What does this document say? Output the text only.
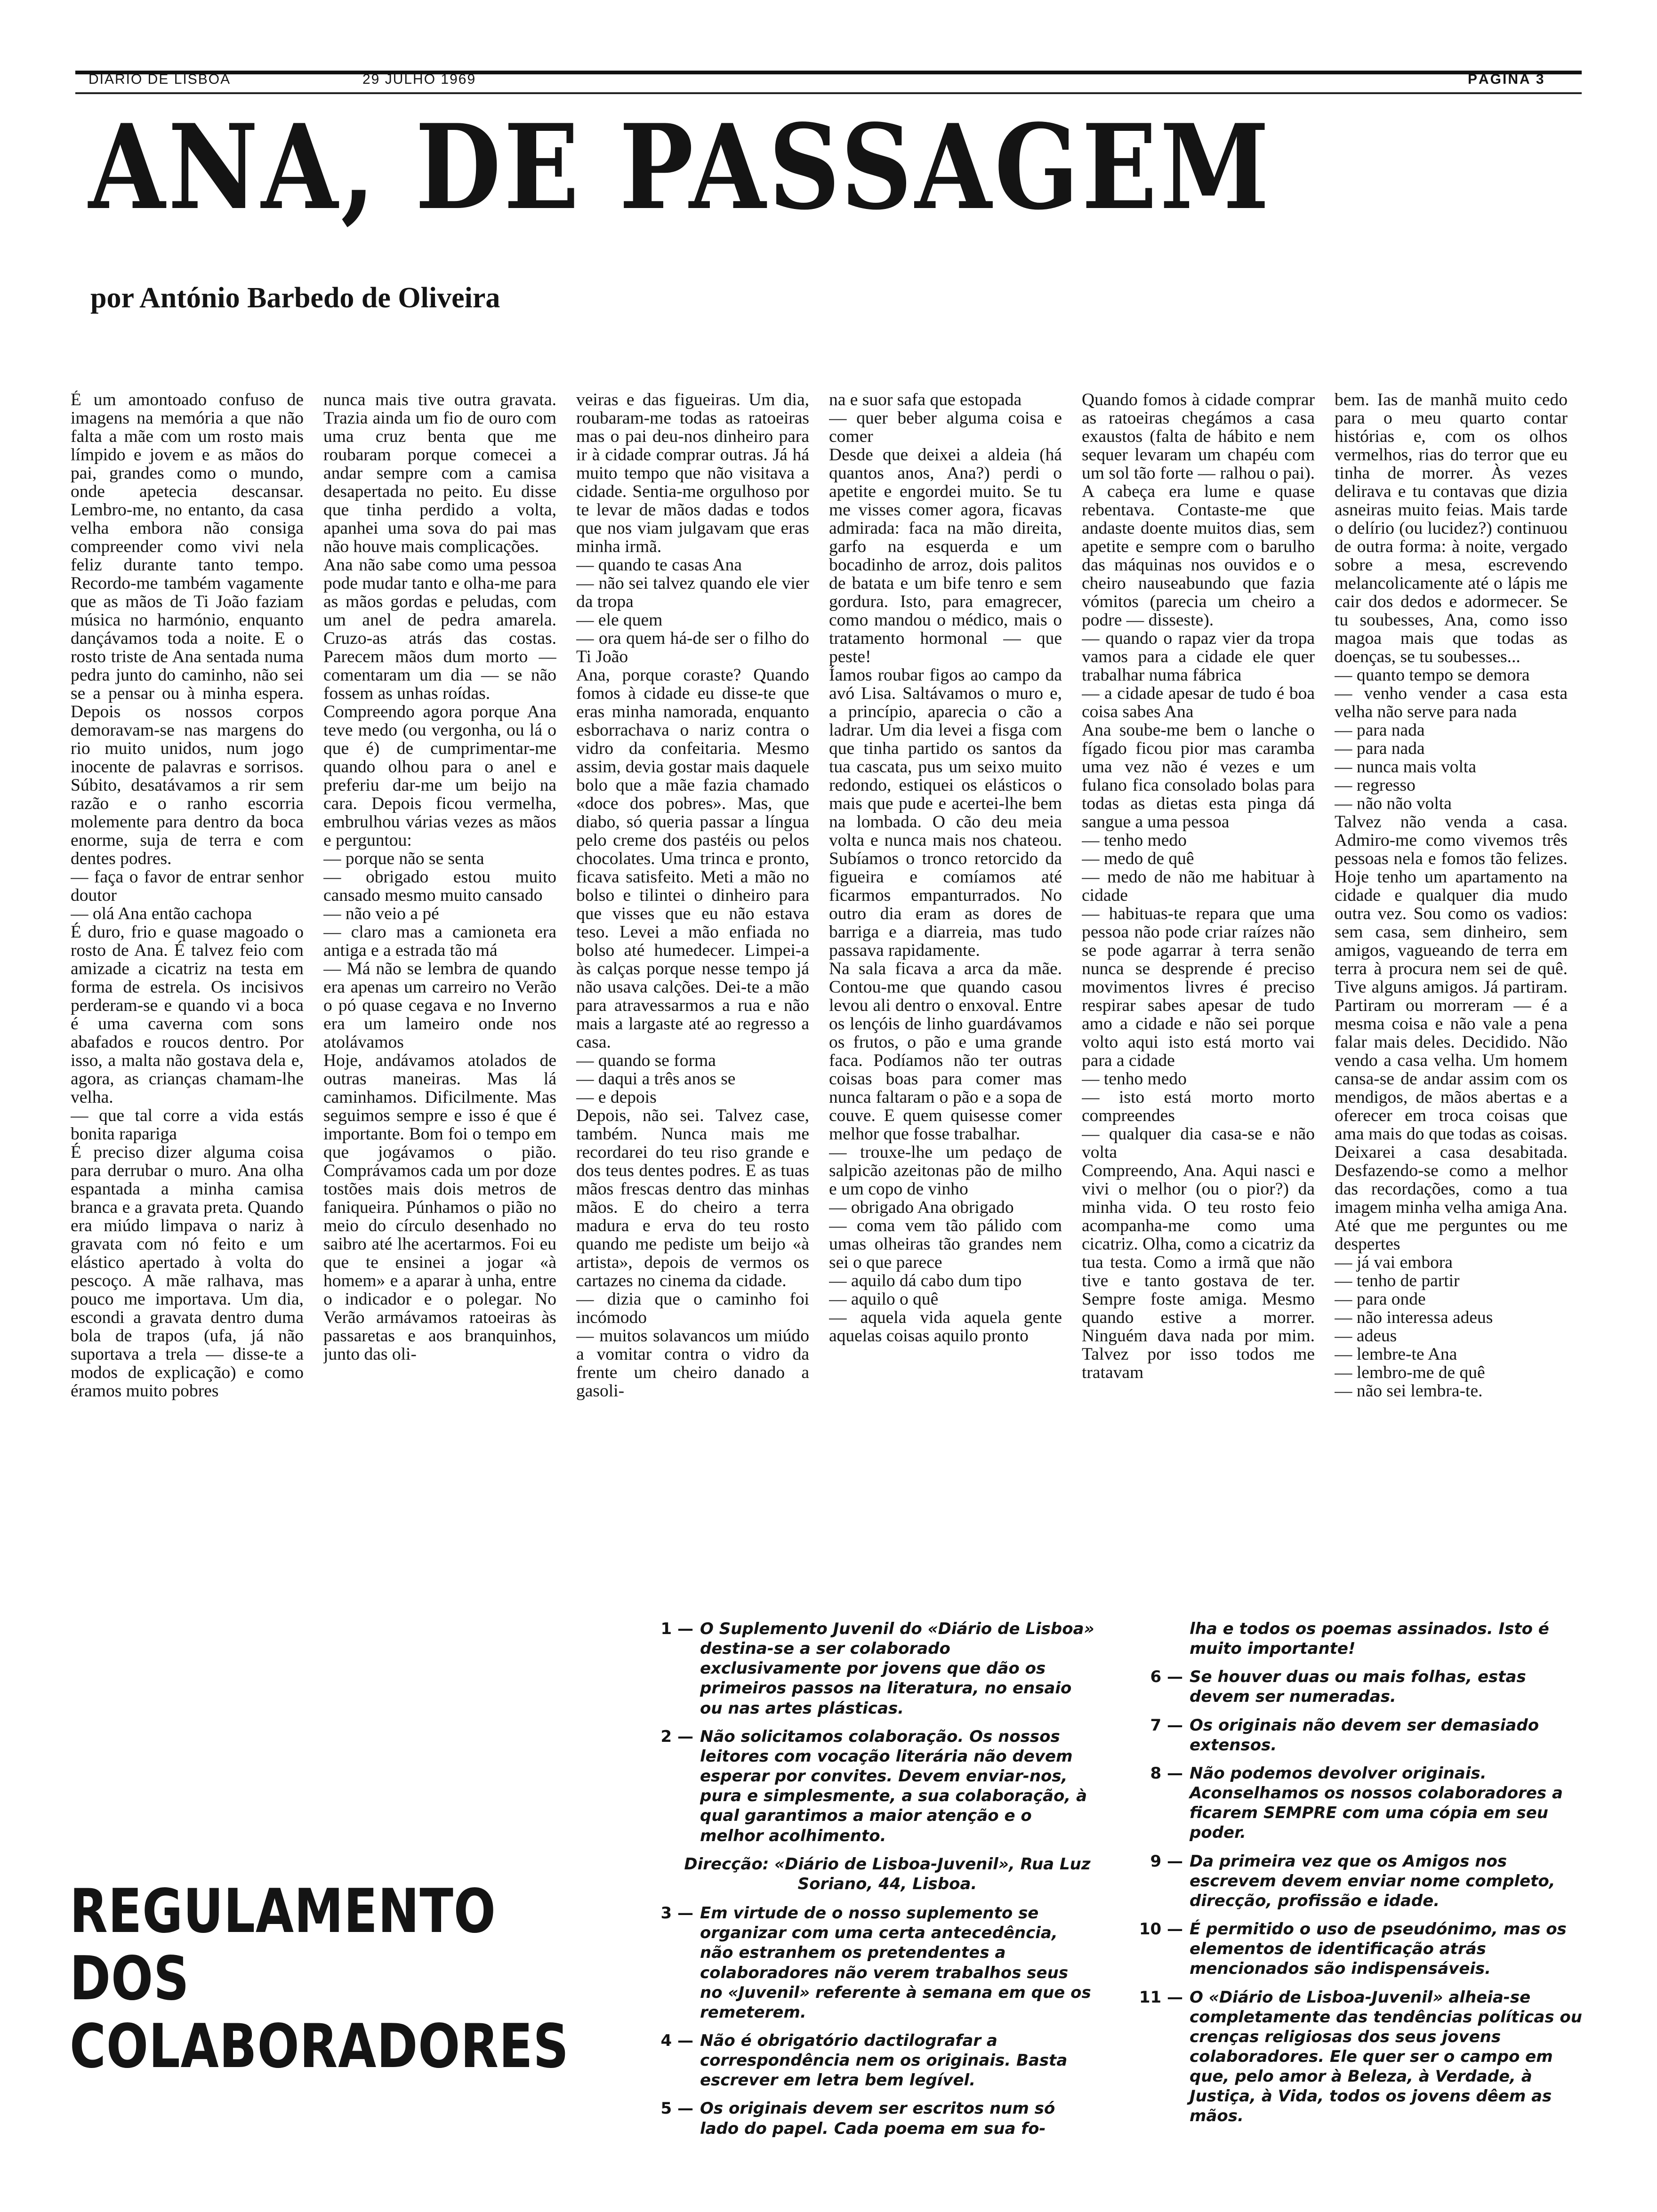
DIÁRIO DE LISBOA	29 JULHO 1969	PÁGINA 3
ANA, DE PASSAGEM
por António Barbedo de Oliveira

É um amontoado confuso de imagens na memória a que não falta a mãe com um rosto mais límpido e jovem e as mãos do pai, grandes como o mundo, onde apetecia descansar. Lembro-me, no entanto, da casa velha embora não consiga compreender como vivi nela feliz durante tanto tempo. Recordo-me também vagamente que as mãos de Ti João faziam música no harmónio, enquanto dançávamos toda a noite. E o rosto triste de Ana sentada numa pedra junto do caminho, não sei se a pensar ou à minha espera. Depois os nossos corpos demoravam-se nas margens do rio muito unidos, num jogo inocente de palavras e sorrisos. Súbito, desatávamos a rir sem razão e o ranho escorria molemente para dentro da boca enorme, suja de terra e com dentes podres.

— faça o favor de entrar senhor doutor

— olá Ana então cachopa

É duro, frio e quase magoado o rosto de Ana. É talvez feio com amizade a cicatriz na testa em forma de estrela. Os incisivos perderam-se e quando vi a boca é uma caverna com sons abafados e roucos dentro. Por isso, a malta não gostava dela e, agora, as crianças chamam-lhe velha.

— que tal corre a vida estás bonita rapariga

É preciso dizer alguma coisa para derrubar o muro. Ana olha espantada a minha camisa branca e a gravata preta. Quando era miúdo limpava o nariz à gravata com nó feito e um elástico apertado à volta do pescoço. A mãe ralhava, mas pouco me importava. Um dia, escondi a gravata dentro duma bola de trapos (ufa, já não suportava a trela — disse-te a modos de explicação) e como éramos muito pobres

nunca mais tive outra gravata. Trazia ainda um fio de ouro com uma cruz benta que me roubaram porque comecei a andar sempre com a camisa desapertada no peito. Eu disse que tinha perdido a volta, apanhei uma sova do pai mas não houve mais complicações.

Ana não sabe como uma pessoa pode mudar tanto e olha-me para as mãos gordas e peludas, com um anel de pedra amarela. Cruzo-as atrás das costas. Parecem mãos dum morto — comentaram um dia — se não fossem as unhas roídas.

Compreendo agora porque Ana teve medo (ou vergonha, ou lá o que é) de cumprimentar-me quando olhou para o anel e preferiu dar-me um beijo na cara. Depois ficou vermelha, embrulhou várias vezes as mãos e perguntou:

— porque não se senta

— obrigado estou muito cansado mesmo muito cansado

— não veio a pé

— claro mas a camioneta era antiga e a estrada tão má

— Má não se lembra de quando era apenas um carreiro no Verão o pó quase cegava e no Inverno era um lameiro onde nos atolávamos

Hoje, andávamos atolados de outras maneiras. Mas lá caminhamos. Dificilmente. Mas seguimos sempre e isso é que é importante. Bom foi o tempo em que jogávamos o pião. Comprávamos cada um por doze tostões mais dois metros de faniqueira. Púnhamos o pião no meio do círculo desenhado no saibro até lhe acertarmos. Foi eu que te ensinei a jogar «à homem» e a aparar à unha, entre o indicador e o polegar. No Verão armávamos ratoeiras às passaretas e aos branquinhos, junto das oli-

veiras e das figueiras. Um dia, roubaram-me todas as ratoeiras mas o pai deu-nos dinheiro para ir à cidade comprar outras. Já há muito tempo que não visitava a cidade. Sentia-me orgulhoso por te levar de mãos dadas e todos que nos viam julgavam que eras minha irmã.

— quando te casas Ana

— não sei talvez quando ele vier da tropa

— ele quem

— ora quem há-de ser o filho do Ti João

Ana, porque coraste? Quando fomos à cidade eu disse-te que eras minha namorada, enquanto esborrachava o nariz contra o vidro da confeitaria. Mesmo assim, devia gostar mais daquele bolo que a mãe fazia chamado «doce dos pobres». Mas, que diabo, só queria passar a língua pelo creme dos pastéis ou pelos chocolates. Uma trinca e pronto, ficava satisfeito. Meti a mão no bolso e tilintei o dinheiro para que visses que eu não estava teso. Levei a mão enfiada no bolso até humedecer. Limpei-a às calças porque nesse tempo já não usava calções. Dei-te a mão para atravessarmos a rua e não mais a largaste até ao regresso a casa.

— quando se forma

— daqui a três anos se

— e depois

Depois, não sei. Talvez case, também. Nunca mais me recordarei do teu riso grande e dos teus dentes podres. E as tuas mãos frescas dentro das minhas mãos. E do cheiro a terra madura e erva do teu rosto quando me pediste um beijo «à artista», depois de vermos os cartazes no cinema da cidade.

— dizia que o caminho foi incómodo

— muitos solavancos um miúdo a vomitar contra o vidro da frente um cheiro danado a gasoli-

na e suor safa que estopada

— quer beber alguma coisa e comer

Desde que deixei a aldeia (há quantos anos, Ana?) perdi o apetite e engordei muito. Se tu me visses comer agora, ficavas admirada: faca na mão direita, garfo na esquerda e um bocadinho de arroz, dois palitos de batata e um bife tenro e sem gordura. Isto, para emagrecer, como mandou o médico, mais o tratamento hormonal — que peste!

Íamos roubar figos ao campo da avó Lisa. Saltávamos o muro e, a princípio, aparecia o cão a ladrar. Um dia levei a fisga com que tinha partido os santos da tua cascata, pus um seixo muito redondo, estiquei os elásticos o mais que pude e acertei-lhe bem na lombada. O cão deu meia volta e nunca mais nos chateou. Subíamos o tronco retorcido da figueira e comíamos até ficarmos empanturrados. No outro dia eram as dores de barriga e a diarreia, mas tudo passava rapidamente.

Na sala ficava a arca da mãe. Contou-me que quando casou levou ali dentro o enxoval. Entre os lençóis de linho guardávamos os frutos, o pão e uma grande faca. Podíamos não ter outras coisas boas para comer mas nunca faltaram o pão e a sopa de couve. E quem quisesse comer melhor que fosse trabalhar.

— trouxe-lhe um pedaço de salpicão azeitonas pão de milho e um copo de vinho

— obrigado Ana obrigado

— coma vem tão pálido com umas olheiras tão grandes nem sei o que parece

— aquilo dá cabo dum tipo

— aquilo o quê

— aquela vida aquela gente aquelas coisas aquilo pronto

Quando fomos à cidade comprar as ratoeiras chegámos a casa exaustos (falta de hábito e nem sequer levaram um chapéu com um sol tão forte — ralhou o pai). A cabeça era lume e quase rebentava. Contaste-me que andaste doente muitos dias, sem apetite e sempre com o barulho das máquinas nos ouvidos e o cheiro nauseabundo que fazia vómitos (parecia um cheiro a podre — disseste).

— quando o rapaz vier da tropa vamos para a cidade ele quer trabalhar numa fábrica

— a cidade apesar de tudo é boa coisa sabes Ana

Ana soube-me bem o lanche o fígado ficou pior mas caramba uma vez não é vezes e um fulano fica consolado bolas para todas as dietas esta pinga dá sangue a uma pessoa

— tenho medo

— medo de quê

— medo de não me habituar à cidade

— habituas-te repara que uma pessoa não pode criar raízes não se pode agarrar à terra senão nunca se desprende é preciso movimentos livres é preciso respirar sabes apesar de tudo amo a cidade e não sei porque volto aqui isto está morto vai para a cidade

— tenho medo

— isto está morto morto compreendes

— qualquer dia casa-se e não volta

Compreendo, Ana. Aqui nasci e vivi o melhor (ou o pior?) da minha vida. O teu rosto feio acompanha-me como uma cicatriz. Olha, como a cicatriz da tua testa. Como a irmã que não tive e tanto gostava de ter. Sempre foste amiga. Mesmo quando estive a morrer. Ninguém dava nada por mim. Talvez por isso todos me tratavam

bem. Ias de manhã muito cedo para o meu quarto contar histórias e, com os olhos vermelhos, rias do terror que eu tinha de morrer. Às vezes delirava e tu contavas que dizia asneiras muito feias. Mais tarde o delírio (ou lucidez?) continuou de outra forma: à noite, vergado sobre a mesa, escrevendo melancolicamente até o lápis me cair dos dedos e adormecer. Se tu soubesses, Ana, como isso magoa mais que todas as doenças, se tu soubesses...

— quanto tempo se demora

— venho vender a casa esta velha não serve para nada

— para nada

— para nada

— nunca mais volta

— regresso

— não não volta

Talvez não venda a casa. Admiro-me como vivemos três pessoas nela e fomos tão felizes. Hoje tenho um apartamento na cidade e qualquer dia mudo outra vez. Sou como os vadios: sem casa, sem dinheiro, sem amigos, vagueando de terra em terra à procura nem sei de quê. Tive alguns amigos. Já partiram. Partiram ou morreram — é a mesma coisa e não vale a pena falar mais deles. Decidido. Não vendo a casa velha. Um homem cansa-se de andar assim com os mendigos, de mãos abertas e a oferecer em troca coisas que ama mais do que todas as coisas. Deixarei a casa desabitada. Desfazendo-se como a melhor das recordações, como a tua imagem minha velha amiga Ana.

Até que me perguntes ou me despertes

— já vai embora

— tenho de partir

— para onde

— não interessa adeus

— adeus

— lembre-te Ana

— lembro-me de quê

— não sei lembra-te.

REGULAMENTO
DOS
COLABORADORES
1 — O Suplemento Juvenil do «Diário de Lisboa» destina-se a ser colaborado exclusivamente por jovens que dão os primeiros passos na literatura, no ensaio ou nas artes plásticas.
2 — Não solicitamos colaboração. Os nossos leitores com vocação literária não devem esperar por convites. Devem enviar-nos, pura e simplesmente, a sua colaboração, à qual garantimos a maior atenção e o melhor acolhimento.
Direcção: «Diário de Lisboa-Juvenil», Rua Luz Soriano, 44, Lisboa.
3 — Em virtude de o nosso suplemento se organizar com uma certa antecedência, não estranhem os pretendentes a colaboradores não verem trabalhos seus no «Juvenil» referente à semana em que os remeterem.
4 — Não é obrigatório dactilografar a correspondência nem os originais. Basta escrever em letra bem legível.
5 — Os originais devem ser escritos num só lado do papel. Cada poema em sua fo-
lha e todos os poemas assinados. Isto é muito importante!
6 — Se houver duas ou mais folhas, estas devem ser numeradas.
7 — Os originais não devem ser demasiado extensos.
8 — Não podemos devolver originais. Aconselhamos os nossos colaboradores a ficarem SEMPRE com uma cópia em seu poder.
9 — Da primeira vez que os Amigos nos escrevem devem enviar nome completo, direcção, profissão e idade.
10 — É permitido o uso de pseudónimo, mas os elementos de identificação atrás mencionados são indispensáveis.
11 — O «Diário de Lisboa-Juvenil» alheia-se completamente das tendências políticas ou crenças religiosas dos seus jovens colaboradores. Ele quer ser o campo em que, pelo amor à Beleza, à Verdade, à Justiça, à Vida, todos os jovens dêem as mãos.
